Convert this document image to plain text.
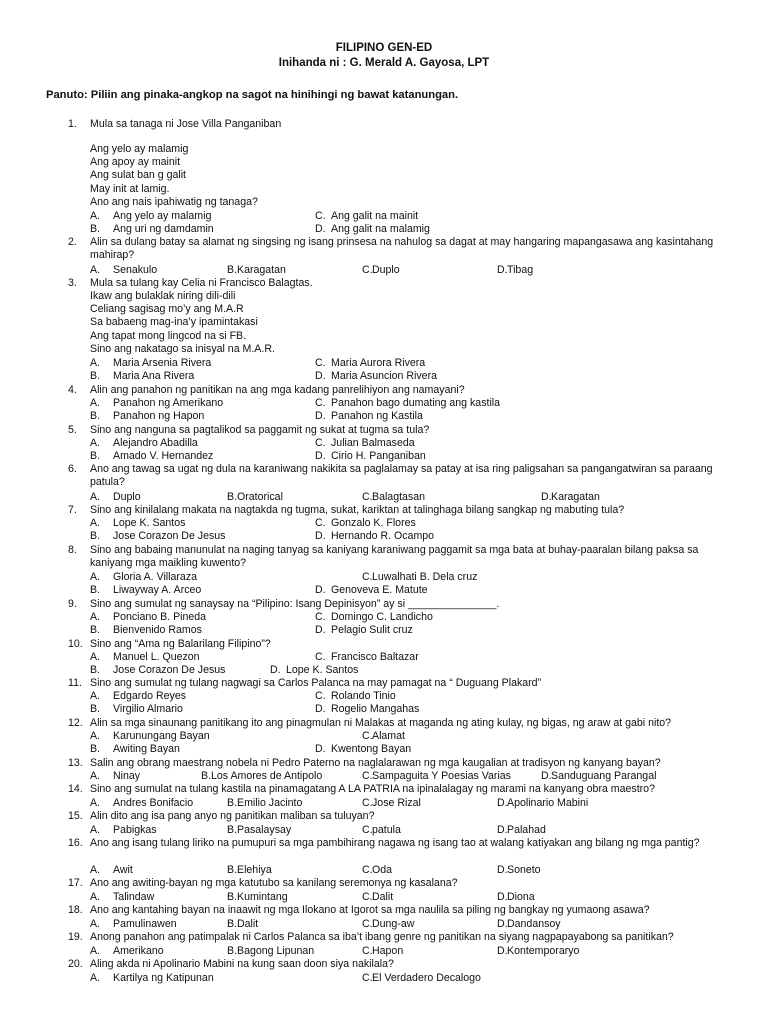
FILIPINO GEN-ED
Inihanda ni : G. Merald A. Gayosa, LPT
Panuto: Piliin ang pinaka-angkop na sagot na hinihingi ng bawat katanungan.
1. Mula sa tanaga ni Jose Villa Panganiban
Ang yelo ay malamig
Ang apoy ay mainit
Ang sulat ban g galit
May init at lamig.
Ano ang nais ipahiwatig ng tanaga?
A. Ang yelo ay malamig	C. Ang galit na mainit
B. Ang uri ng damdamin	D. Ang galit na malamig
2. Alin sa dulang batay sa alamat ng singsing ng isang prinsesa na nahulog sa dagat at may hangaring mapangasawa ang kasintahang mahirap?
A. Senakulo	B. Karagatan	C. Duplo	D. Tibag
3. Mula sa tulang kay Celia ni Francisco Balagtas.
Ikaw ang bulaklak niring dili-dili
Celiang sagisag mo’y ang M.A.R
Sa babaeng mag-ina’y ipamintakasi
Ang tapat mong lingcod na si FB.
Sino ang nakatago sa inisyal na M.A.R.
A. Maria Arsenia Rivera	C. Maria Aurora Rivera
B. Maria Ana Rivera	D. Maria Asuncion Rivera
4. Alin ang panahon ng panitikan na ang mga kadang panrelihiyon ang namayani?
A. Panahon ng Amerikano	C. Panahon bago dumating ang kastila
B. Panahon ng Hapon	D. Panahon ng Kastila
5. Sino ang nanguna sa pagtalikod sa paggamit ng sukat at tugma sa tula?
A. Alejandro Abadilla	C. Julian Balmaseda
B. Amado V. Hernandez	D. Cirio H. Panganiban
6. Ano ang tawag sa ugat ng dula na karaniwang nakikita sa paglalamay sa patay at isa ring paligsahan sa pangangatwiran sa paraang patula?
A. Duplo	B. Oratorical	C. Balagtasan	D. Karagatan
7. Sino ang kinilalang makata na nagtakda ng tugma, sukat, kariktan at talinghaga bilang sangkap ng mabuting tula?
A. Lope K. Santos	C. Gonzalo K. Flores
B. Jose Corazon De Jesus	D. Hernando R. Ocampo
8. Sino ang babaing manunulat na naging tanyag sa kaniyang karaniwang paggamit sa mga bata at buhay-paaralan bilang paksa sa kaniyang mga maikling kuwento?
A. Gloria A. Villaraza	C. Luwalhati B. Dela cruz
B. Liwayway A. Arceo	D. Genoveva E. Matute
9. Sino ang sumulat ng sanaysay na “Pilipino: Isang Depinisyon” ay si _______________.
A. Ponciano B. Pineda	C. Domingo C. Landicho
B. Bienvenido Ramos	D. Pelagio Sulit cruz
10. Sino ang “Ama ng Balarilang Filipino”?
A. Manuel L. Quezon	C. Francisco Baltazar
B. Jose Corazon De Jesus	D. Lope K. Santos
11. Sino ang sumulat ng tulang nagwagi sa Carlos Palanca na may pamagat na “ Duguang Plakard”
A. Edgardo Reyes	C. Rolando Tinio
B. Virgilio Almario	D. Rogelio Mangahas
12. Alin sa mga sinaunang panitikang ito ang pinagmulan ni Malakas at maganda ng ating kulay, ng bigas, ng araw at gabi nito?
A. Karunungang Bayan	C. Alamat
B. Awiting Bayan	D. Kwentong Bayan
13. Salin ang obrang maestrang nobela ni Pedro Paterno na naglalarawan ng mga kaugalian at tradisyon ng kanyang bayan?
A. Ninay	B. Los Amores de Antipolo	C. Sampaguita Y Poesias Varias	D. Sanduguang Parangal
14. Sino ang sumulat na tulang kastila na pinamagatang A LA PATRIA na ipinalalagay ng marami na kanyang obra maestro?
A. Andres Bonifacio	B. Emilio Jacinto	C. Jose Rizal	D. Apolinario Mabini
15. Alin dito ang isa pang anyo ng panitikan maliban sa tuluyan?
A. Pabigkas	B. Pasalaysay	C. patula	D. Palahad
16. Ano ang isang tulang liriko na pumupuri sa mga pambihirang nagawa ng isang tao at walang katiyakan ang bilang ng mga pantig?
A. Awit	B. Elehiya	C. Oda	D. Soneto
17. Ano ang awiting-bayan ng mga katutubo sa kanilang seremonya ng kasalana?
A. Talindaw	B. Kumintang	C. Dalit	D. Diona
18. Ano ang kantahing bayan na inaawit ng mga Ilokano at Igorot sa mga naulila sa piling ng bangkay ng yumaong asawa?
A. Pamulinawen	B. Dalit	C. Dung-aw	D. Dandansoy
19. Anong panahon ang patimpalak ni Carlos Palanca sa iba’t ibang genre ng panitikan na siyang nagpapayabong sa panitikan?
A. Amerikano	B. Bagong Lipunan	C. Hapon	D. Kontemporaryo
20. Aling akda ni Apolinario Mabini na kung saan doon siya nakilala?
A. Kartilya ng Katipunan	C. El Verdadero Decalogo
